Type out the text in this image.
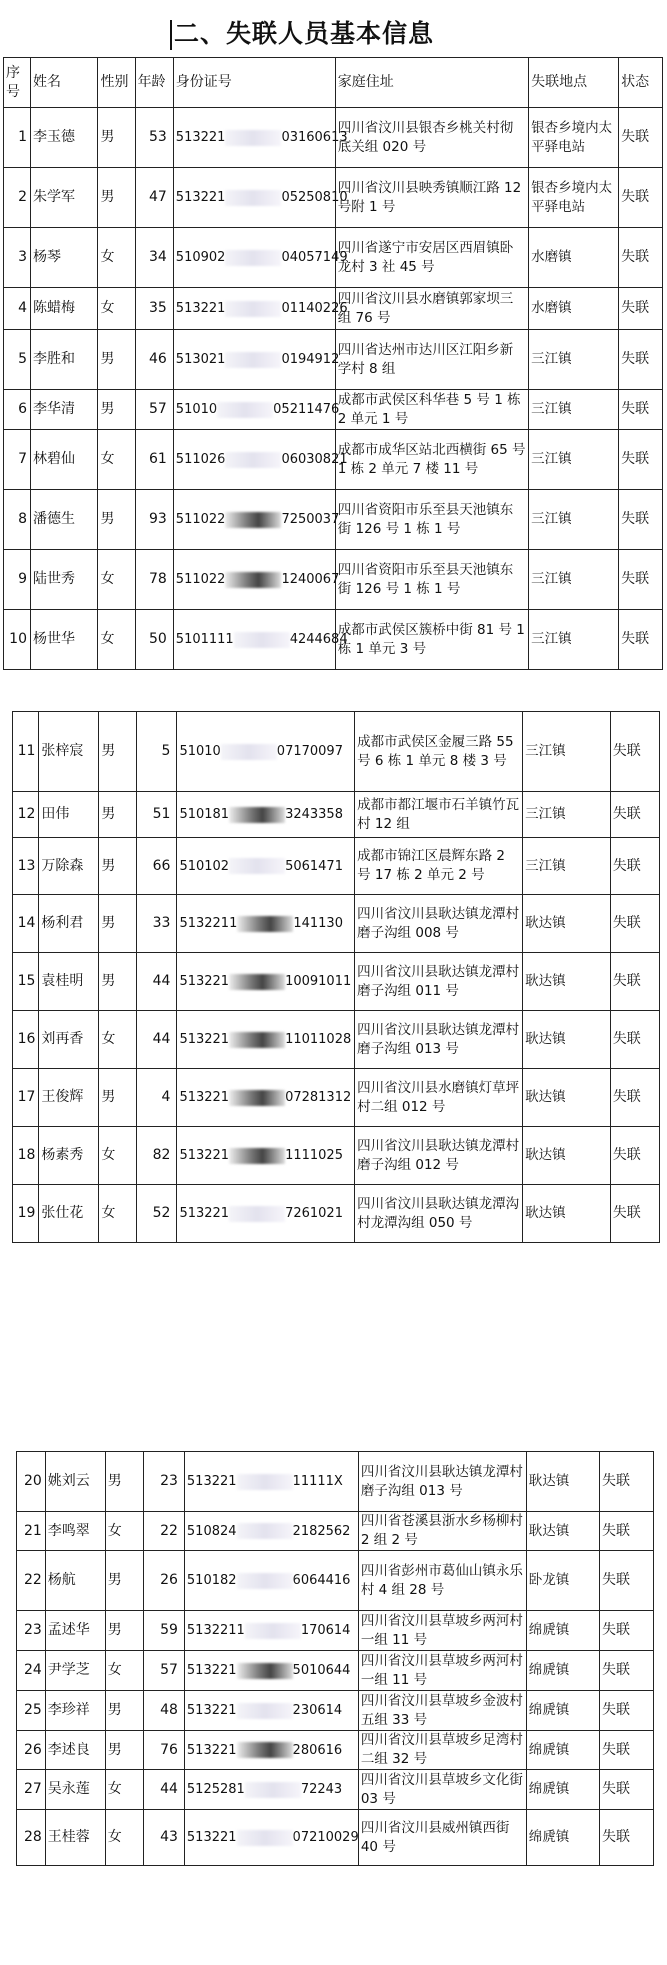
二、失联人员基本信息
序号	姓名	性别	年龄	身份证号	家庭住址	失联地点	状态
1	李玉德	男	53	513221 03160613	四川省汶川县银杏乡桃关村彻底关组 020 号	银杏乡境内太平驿电站	失联
2	朱学军	男	47	513221 05250810	四川省汶川县映秀镇顺江路 12 号附 1 号	银杏乡境内太平驿电站	失联
3	杨琴	女	34	510902 04057149	四川省遂宁市安居区西眉镇卧龙村 3 社 45 号	水磨镇	失联
4	陈蜡梅	女	35	513221 01140226	四川省汶川县水磨镇郭家坝三组 76 号	水磨镇	失联
5	李胜和	男	46	513021 0194912	四川省达州市达川区江阳乡新学村 8 组	三江镇	失联
6	李华清	男	57	51010 05211476	成都市武侯区科华巷 5 号 1 栋 2 单元 1 号	三江镇	失联
7	林碧仙	女	61	511026 06030821	成都市成华区站北西横街 65 号 1 栋 2 单元 7 楼 11 号	三江镇	失联
8	潘德生	男	93	511022 7250037	四川省资阳市乐至县天池镇东街 126 号 1 栋 1 号	三江镇	失联
9	陆世秀	女	78	511022 1240067	四川省资阳市乐至县天池镇东街 126 号 1 栋 1 号	三江镇	失联
10	杨世华	女	50	5101111 4244684	成都市武侯区簇桥中街 81 号 1 栋 1 单元 3 号	三江镇	失联
11	张梓宸	男	5	51010 07170097	成都市武侯区金履三路 55 号 6 栋 1 单元 8 楼 3 号	三江镇	失联
12	田伟	男	51	510181 3243358	成都市都江堰市石羊镇竹瓦村 12 组	三江镇	失联
13	万除森	男	66	510102 5061471	成都市锦江区晨辉东路 2 号 17 栋 2 单元 2 号	三江镇	失联
14	杨利君	男	33	5132211 141130	四川省汶川县耿达镇龙潭村磨子沟组 008 号	耿达镇	失联
15	袁桂明	男	44	513221 10091011	四川省汶川县耿达镇龙潭村磨子沟组 011 号	耿达镇	失联
16	刘再香	女	44	513221 11011028	四川省汶川县耿达镇龙潭村磨子沟组 013 号	耿达镇	失联
17	王俊辉	男	4	513221 07281312	四川省汶川县水磨镇灯草坪村二组 012 号	耿达镇	失联
18	杨素秀	女	82	513221 1111025	四川省汶川县耿达镇龙潭村磨子沟组 012 号	耿达镇	失联
19	张仕花	女	52	513221 7261021	四川省汶川县耿达镇龙潭沟村龙潭沟组 050 号	耿达镇	失联
20	姚刘云	男	23	513221 11111X	四川省汶川县耿达镇龙潭村磨子沟组 013 号	耿达镇	失联
21	李鸣翠	女	22	510824 2182562	四川省苍溪县浙水乡杨柳村 2 组 2 号	耿达镇	失联
22	杨航	男	26	510182 6064416	四川省彭州市葛仙山镇永乐村 4 组 28 号	卧龙镇	失联
23	孟述华	男	59	5132211 170614	四川省汶川县草坡乡两河村一组 11 号	绵虒镇	失联
24	尹学芝	女	57	513221 5010644	四川省汶川县草坡乡两河村一组 11 号	绵虒镇	失联
25	李珍祥	男	48	513221 230614	四川省汶川县草坡乡金波村五组 33 号	绵虒镇	失联
26	李述良	男	76	513221 280616	四川省汶川县草坡乡足湾村二组 32 号	绵虒镇	失联
27	吴永莲	女	44	5125281 72243	四川省汶川县草坡乡文化街 03 号	绵虒镇	失联
28	王桂蓉	女	43	513221 07210029	四川省汶川县威州镇西街 40 号	绵虒镇	失联
